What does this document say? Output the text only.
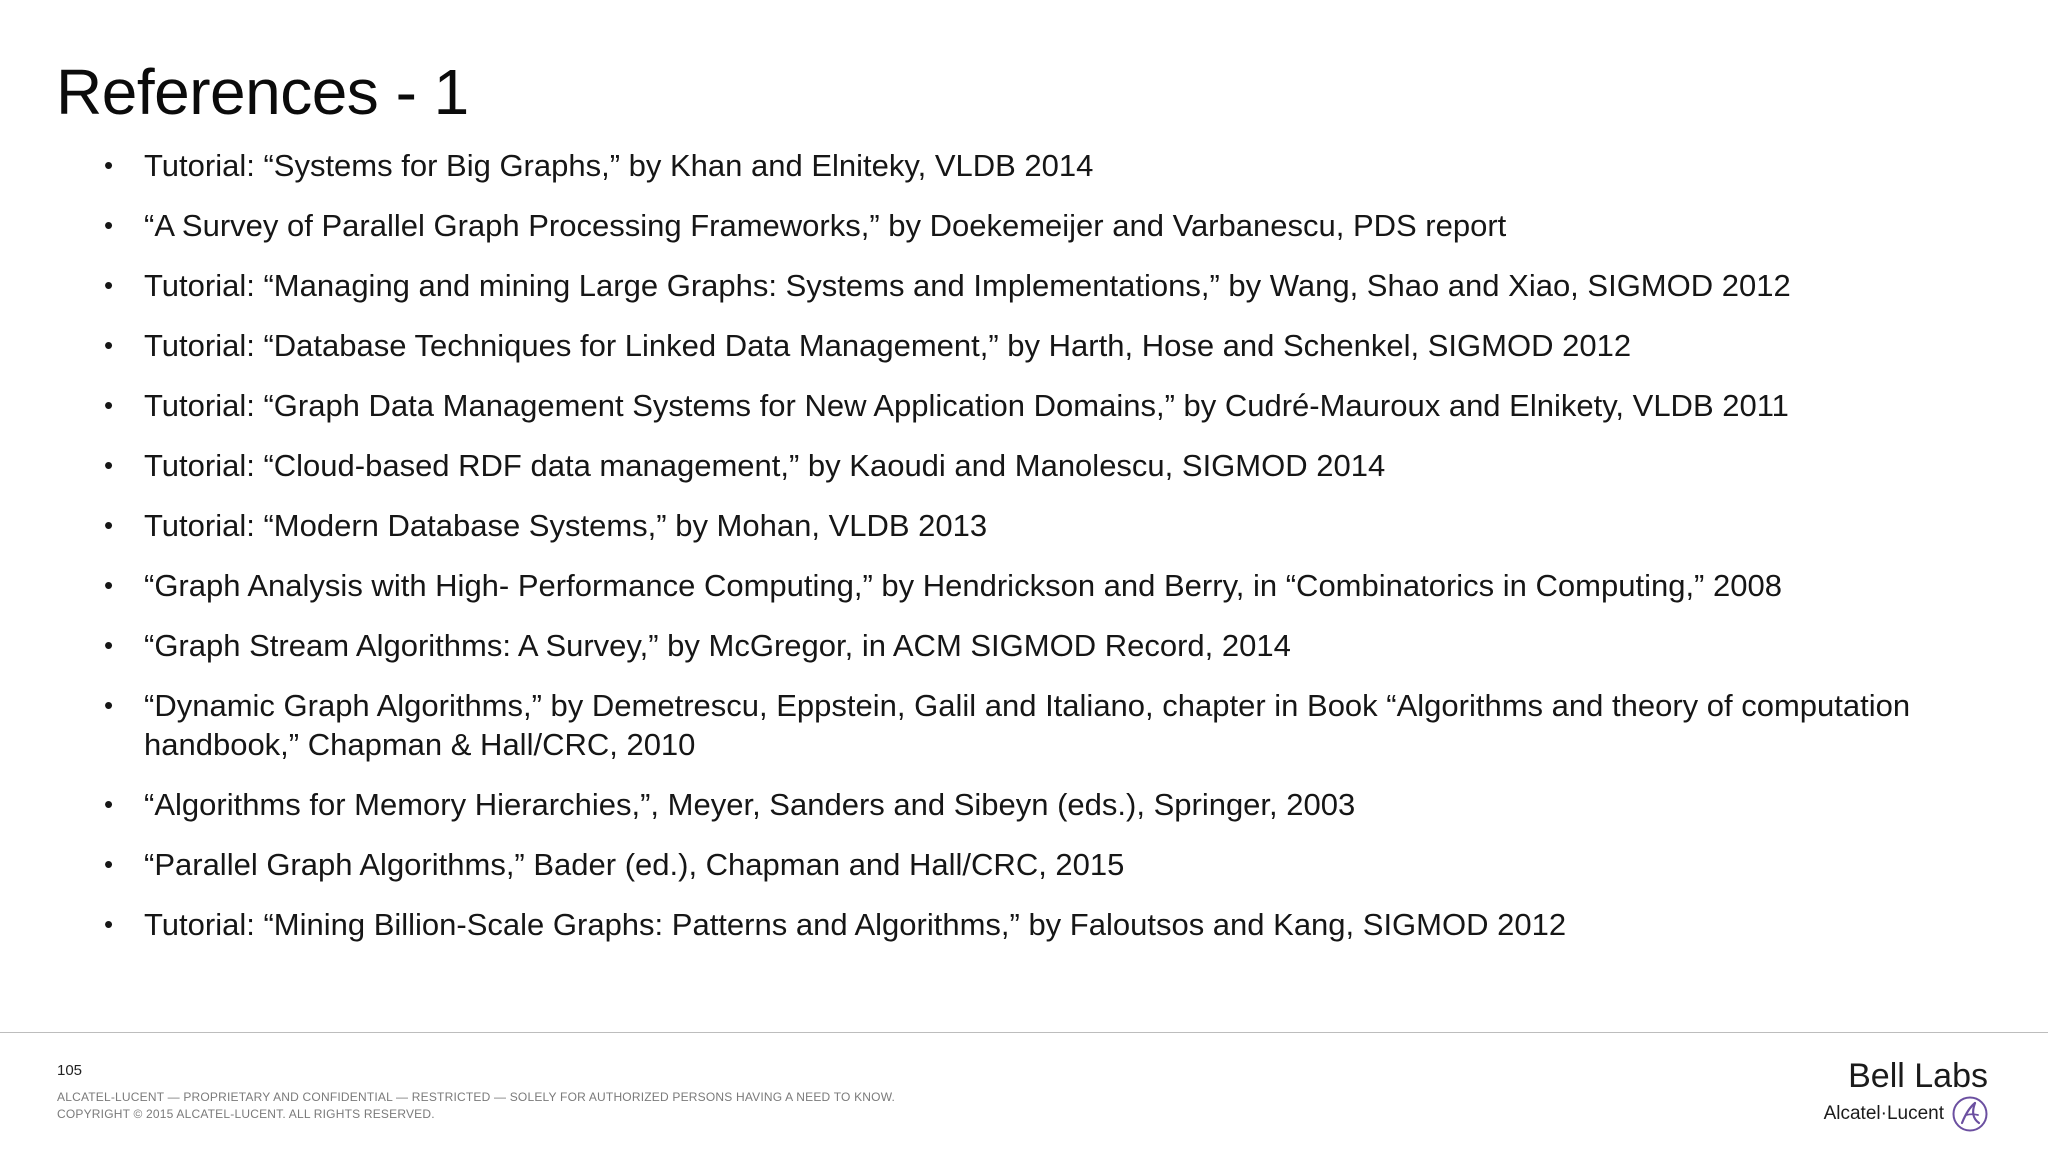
References - 1
• Tutorial: “Systems for Big Graphs,” by Khan and Elniteky, VLDB 2014
• “A Survey of Parallel Graph Processing Frameworks,” by Doekemeijer and Varbanescu, PDS report
• Tutorial: “Managing and mining Large Graphs: Systems and Implementations,” by Wang, Shao and Xiao, SIGMOD 2012
• Tutorial: “Database Techniques for Linked Data Management,” by Harth, Hose and Schenkel, SIGMOD 2012
• Tutorial: “Graph Data Management Systems for New Application Domains,” by Cudré-Mauroux and Elnikety, VLDB 2011
• Tutorial: “Cloud-based RDF data management,” by Kaoudi and Manolescu, SIGMOD 2014
• Tutorial: “Modern Database Systems,” by Mohan, VLDB 2013
• “Graph Analysis with High- Performance Computing,” by Hendrickson and Berry, in “Combinatorics in Computing,” 2008
• “Graph Stream Algorithms: A Survey,” by McGregor, in ACM SIGMOD Record, 2014
• “Dynamic Graph Algorithms,” by Demetrescu, Eppstein, Galil and Italiano, chapter in Book “Algorithms and theory of computation handbook,” Chapman & Hall/CRC, 2010
• “Algorithms for Memory Hierarchies,”, Meyer, Sanders and Sibeyn (eds.), Springer, 2003
• “Parallel Graph Algorithms,” Bader (ed.), Chapman and Hall/CRC, 2015
• Tutorial: “Mining Billion-Scale Graphs: Patterns and Algorithms,” by Faloutsos and Kang, SIGMOD 2012
105
ALCATEL-LUCENT — PROPRIETARY AND CONFIDENTIAL — RESTRICTED — SOLELY FOR AUTHORIZED PERSONS HAVING A NEED TO KNOW.
COPYRIGHT © 2015 ALCATEL-LUCENT. ALL RIGHTS RESERVED.
Bell Labs
Alcatel·Lucent
